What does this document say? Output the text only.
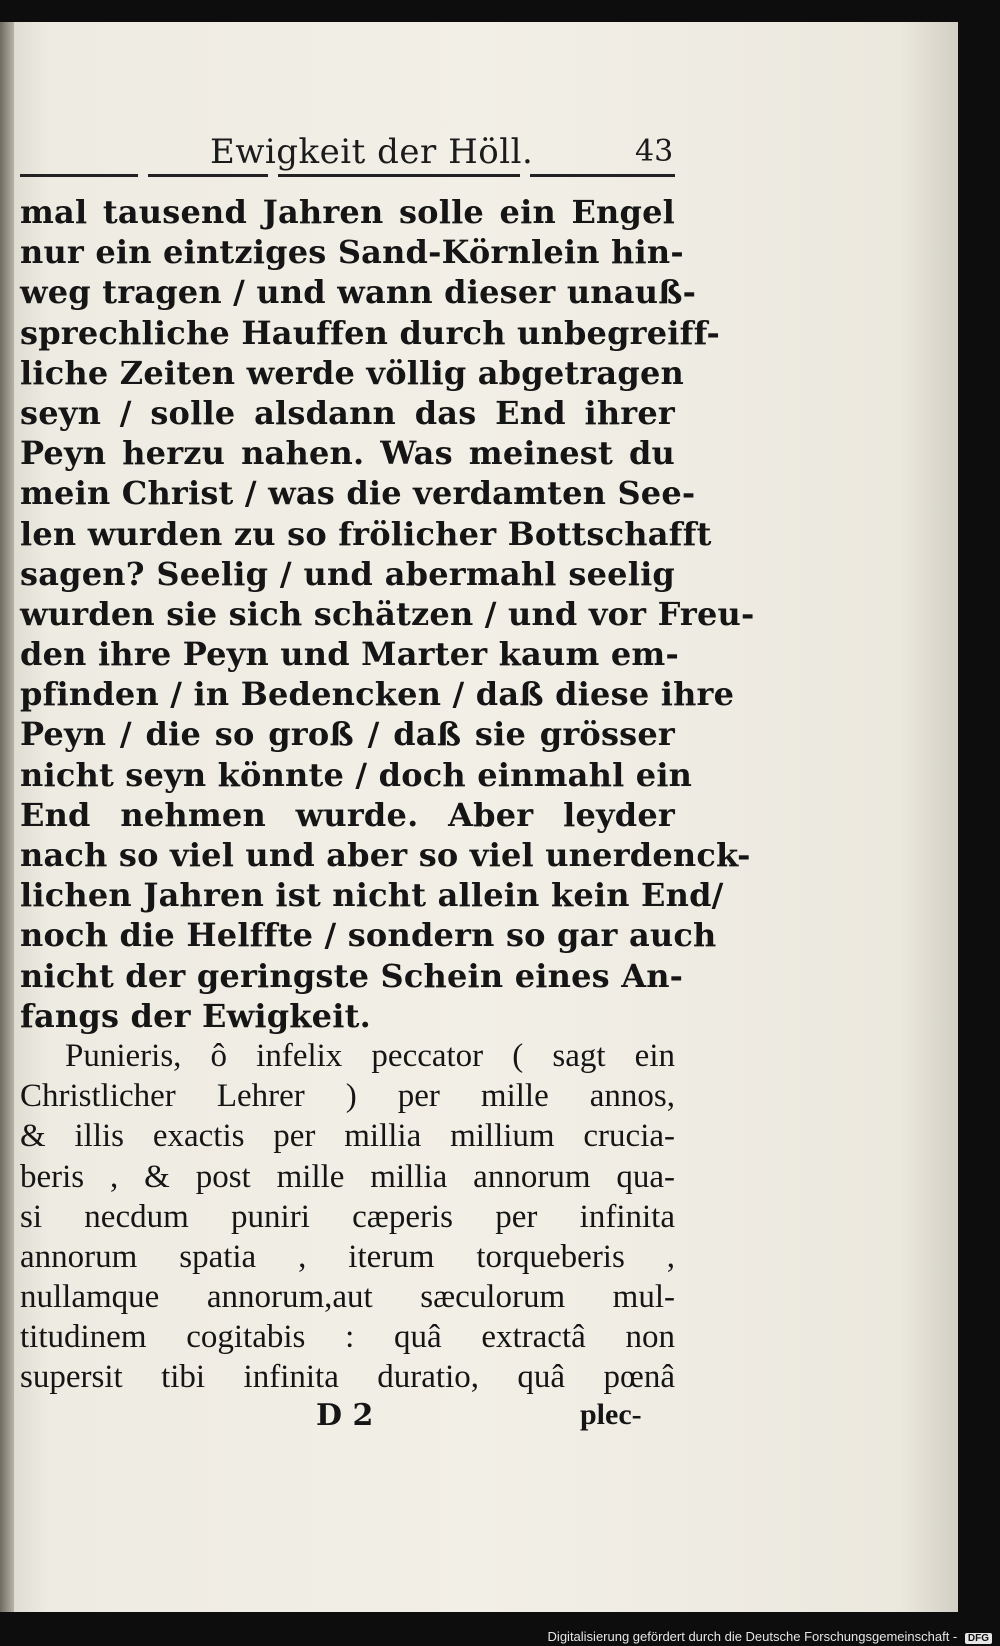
Ewigkeit der Höll.	43
mal tausend Jahren solle ein Engel
nur ein eintziges Sand-Körnlein hin-
weg tragen / und wann dieser unauß-
sprechliche Hauffen durch unbegreiff-
liche Zeiten werde völlig abgetragen
seyn / solle alsdann das End ihrer
Peyn herzu nahen. Was meinest du
mein Christ / was die verdamten See-
len wurden zu so frölicher Bottschafft
sagen? Seelig / und abermahl seelig
wurden sie sich schätzen / und vor Freu-
den ihre Peyn und Marter kaum em-
pfinden / in Bedencken / daß diese ihre
Peyn / die so groß / daß sie grösser
nicht seyn könnte / doch einmahl ein
End nehmen wurde. Aber leyder
nach so viel und aber so viel unerdenck-
lichen Jahren ist nicht allein kein End/
noch die Helffte / sondern so gar auch
nicht der geringste Schein eines An-
fangs der Ewigkeit.
Punieris, ô infelix peccator ( sagt ein
Christlicher Lehrer ) per mille annos,
& illis exactis per millia millium crucia-
beris , & post mille millia annorum qua-
si necdum puniri cæperis per infinita
annorum spatia , iterum torqueberis ,
nullamque annorum,aut sæculorum mul-
titudinem cogitabis : quâ extractâ non
supersit tibi infinita duratio, quâ pœnâ
D 2	plec-
Digitalisierung gefördert durch die Deutsche Forschungsgemeinschaft - DFG
